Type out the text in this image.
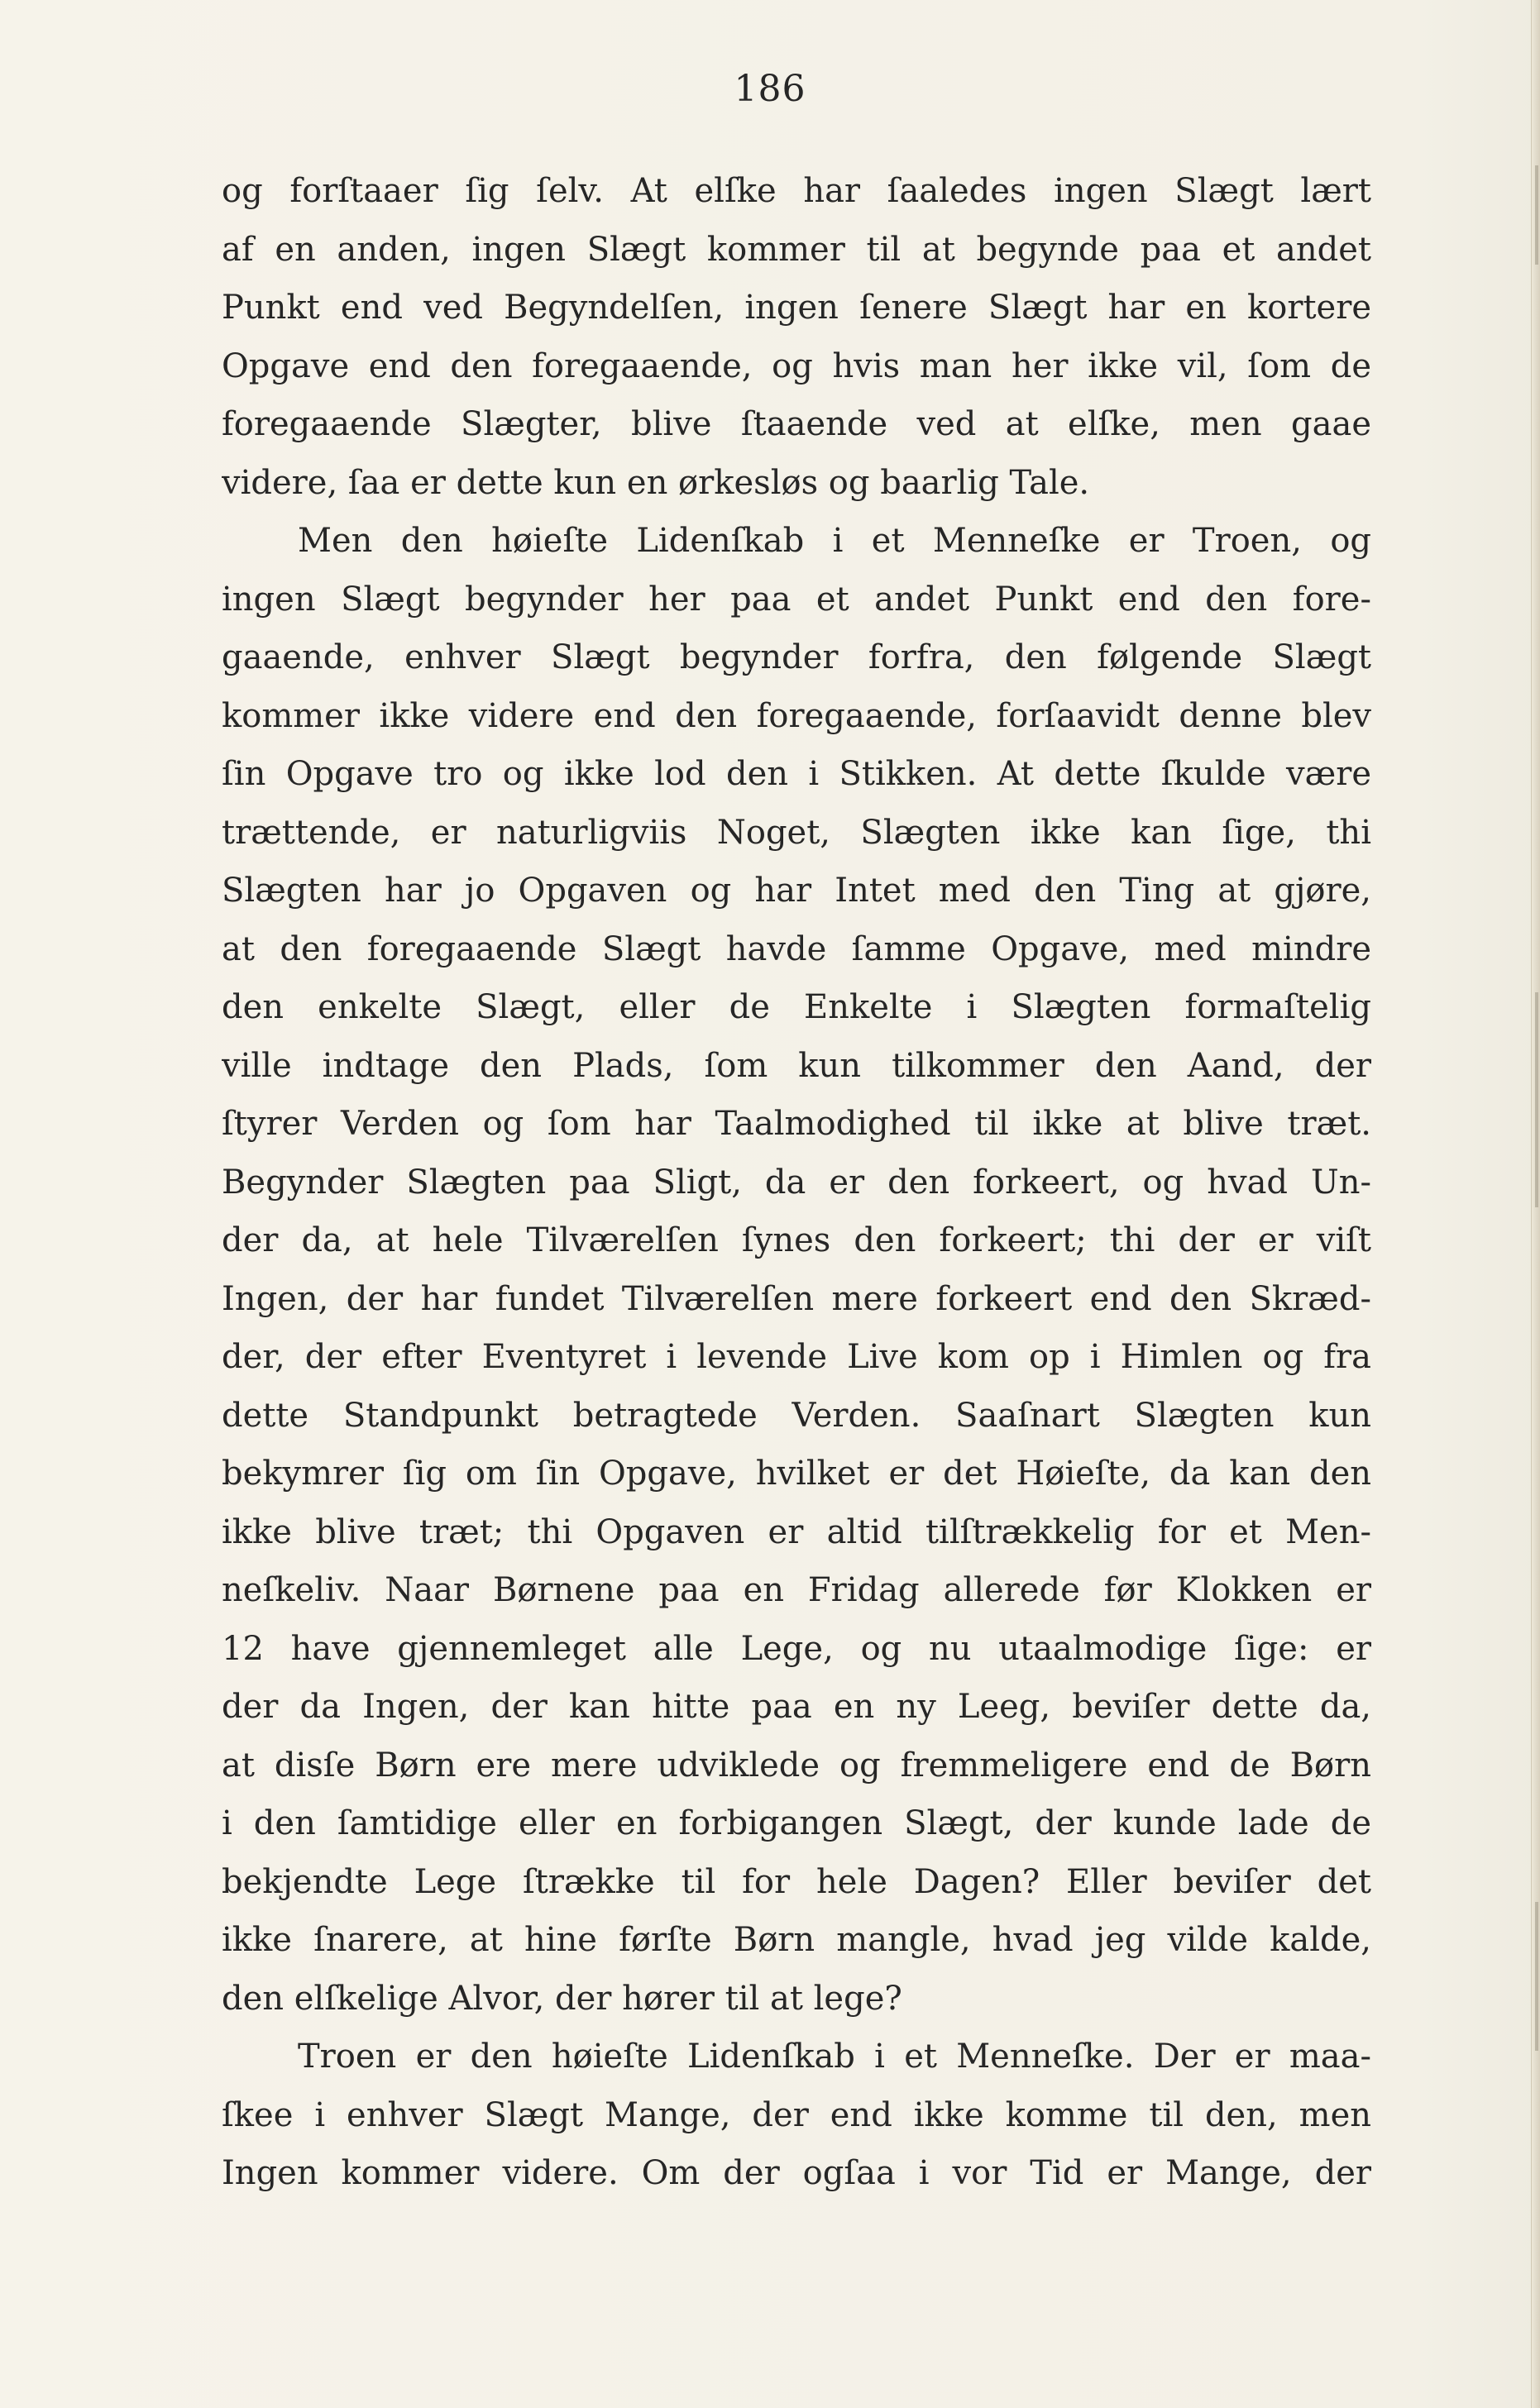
186
og forſtaaer ſig ſelv. At elſke har ſaaledes ingen Slægt lært
af en anden, ingen Slægt kommer til at begynde paa et andet
Punkt end ved Begyndelſen, ingen ſenere Slægt har en kortere
Opgave end den foregaaende, og hvis man her ikke vil, ſom de
foregaaende Slægter, blive ſtaaende ved at elſke, men gaae
videre, ſaa er dette kun en ørkesløs og baarlig Tale.
Men den høieſte Lidenſkab i et Menneſke er Troen, og
ingen Slægt begynder her paa et andet Punkt end den fore-
gaaende, enhver Slægt begynder forfra, den følgende Slægt
kommer ikke videre end den foregaaende, forſaavidt denne blev
ſin Opgave tro og ikke lod den i Stikken. At dette ſkulde være
trættende, er naturligviis Noget, Slægten ikke kan ſige, thi
Slægten har jo Opgaven og har Intet med den Ting at gjøre,
at den foregaaende Slægt havde ſamme Opgave, med mindre
den enkelte Slægt, eller de Enkelte i Slægten formaſtelig
ville indtage den Plads, ſom kun tilkommer den Aand, der
ſtyrer Verden og ſom har Taalmodighed til ikke at blive træt.
Begynder Slægten paa Sligt, da er den forkeert, og hvad Un-
der da, at hele Tilværelſen ſynes den forkeert; thi der er viſt
Ingen, der har fundet Tilværelſen mere forkeert end den Skræd-
der, der efter Eventyret i levende Live kom op i Himlen og fra
dette Standpunkt betragtede Verden. Saaſnart Slægten kun
bekymrer ſig om ſin Opgave, hvilket er det Høieſte, da kan den
ikke blive træt; thi Opgaven er altid tilſtrækkelig for et Men-
neſkeliv. Naar Børnene paa en Fridag allerede før Klokken er
12 have gjennemleget alle Lege, og nu utaalmodige ſige: er
der da Ingen, der kan hitte paa en ny Leeg, beviſer dette da,
at disſe Børn ere mere udviklede og fremmeligere end de Børn
i den ſamtidige eller en forbigangen Slægt, der kunde lade de
bekjendte Lege ſtrække til for hele Dagen? Eller beviſer det
ikke ſnarere, at hine førſte Børn mangle, hvad jeg vilde kalde,
den elſkelige Alvor, der hører til at lege?
Troen er den høieſte Lidenſkab i et Menneſke. Der er maa-
ſkee i enhver Slægt Mange, der end ikke komme til den, men
Ingen kommer videre. Om der ogſaa i vor Tid er Mange, der
